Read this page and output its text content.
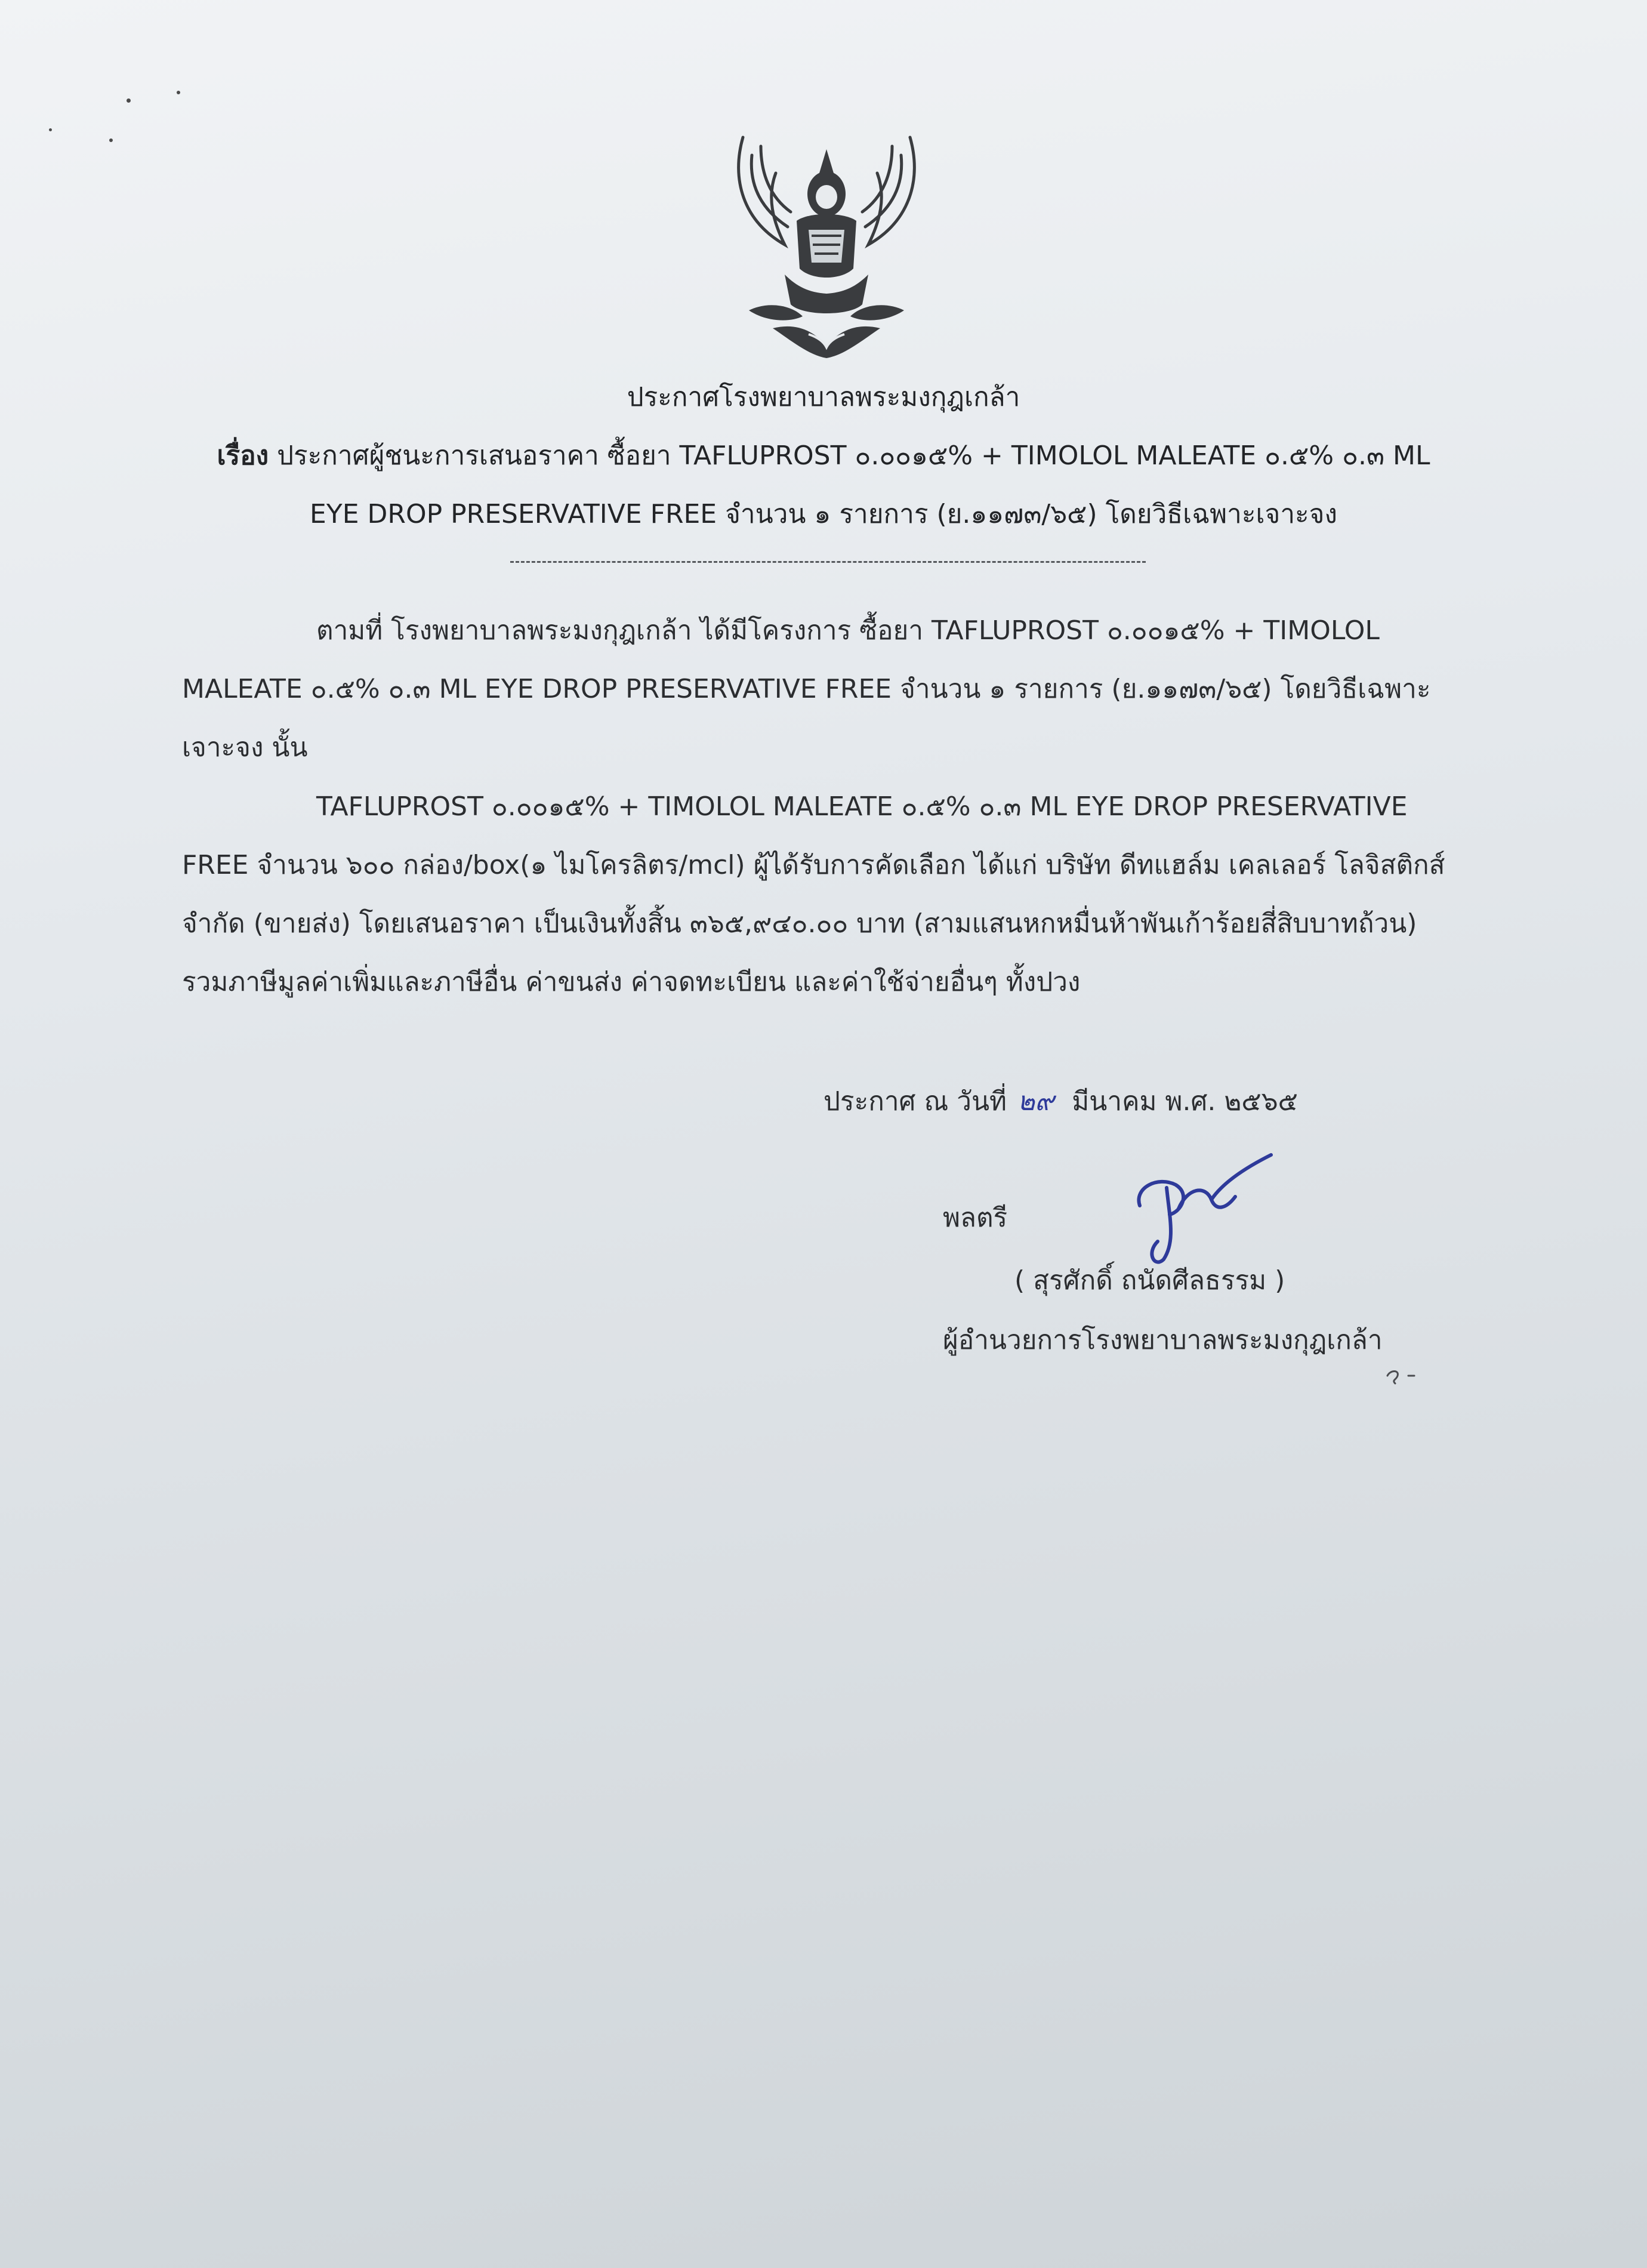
ประกาศโรงพยาบาลพระมงกุฎเกล้า
เรื่อง ประกาศผู้ชนะการเสนอราคา ซื้อยา TAFLUPROST ๐.๐๐๑๕% + TIMOLOL MALEATE ๐.๕% ๐.๓ ML
EYE DROP PRESERVATIVE FREE จำนวน ๑ รายการ (ย.๑๑๗๓/๖๕) โดยวิธีเฉพาะเจาะจง

ตามที่ โรงพยาบาลพระมงกุฎเกล้า ได้มีโครงการ ซื้อยา TAFLUPROST ๐.๐๐๑๕% + TIMOLOL MALEATE ๐.๕% ๐.๓ ML EYE DROP PRESERVATIVE FREE จำนวน ๑ รายการ (ย.๑๑๗๓/๖๕) โดยวิธีเฉพาะเจาะจง นั้น

TAFLUPROST ๐.๐๐๑๕% + TIMOLOL MALEATE ๐.๕% ๐.๓ ML EYE DROP PRESERVATIVE FREE จำนวน ๖๐๐ กล่อง/box(๑ ไมโครลิตร/mcl) ผู้ได้รับการคัดเลือก ได้แก่ บริษัท ดีทแฮล์ม เคลเลอร์ โลจิสติกส์ จำกัด (ขายส่ง) โดยเสนอราคา เป็นเงินทั้งสิ้น ๓๖๕,๙๔๐.๐๐ บาท (สามแสนหกหมื่นห้าพันเก้าร้อยสี่สิบบาทถ้วน) รวมภาษีมูลค่าเพิ่มและภาษีอื่น ค่าขนส่ง ค่าจดทะเบียน และค่าใช้จ่ายอื่นๆ ทั้งปวง

ประกาศ ณ วันที่ ๒๙ มีนาคม พ.ศ. ๒๕๖๕
พลตรี
( สุรศักดิ์ ถนัดศีลธรรม )
ผู้อำนวยการโรงพยาบาลพระมงกุฎเกล้า
